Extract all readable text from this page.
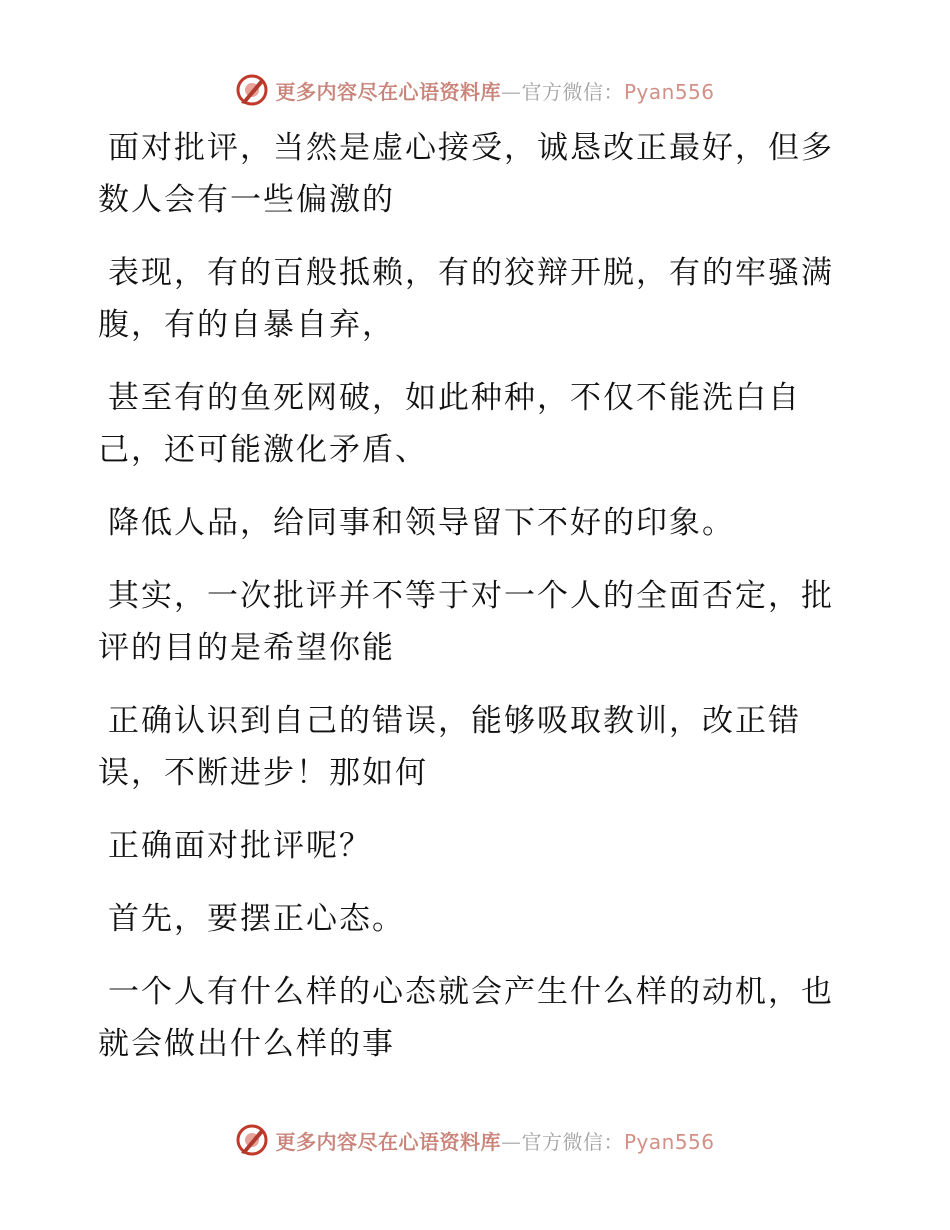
更多内容尽在心语资料库—官方微信：Pyan556

面对批评，当然是虚心接受，诚恳改正最好，但多数人会有一些偏激的

表现，有的百般抵赖，有的狡辩开脱，有的牢骚满腹，有的自暴自弃，

甚至有的鱼死网破，如此种种，不仅不能洗白自己，还可能激化矛盾、

降低人品，给同事和领导留下不好的印象。

其实，一次批评并不等于对一个人的全面否定，批评的目的是希望你能

正确认识到自己的错误，能够吸取教训，改正错误，不断进步！那如何

正确面对批评呢？

首先，要摆正心态。

一个人有什么样的心态就会产生什么样的动机，也就会做出什么样的事

更多内容尽在心语资料库—官方微信：Pyan556
